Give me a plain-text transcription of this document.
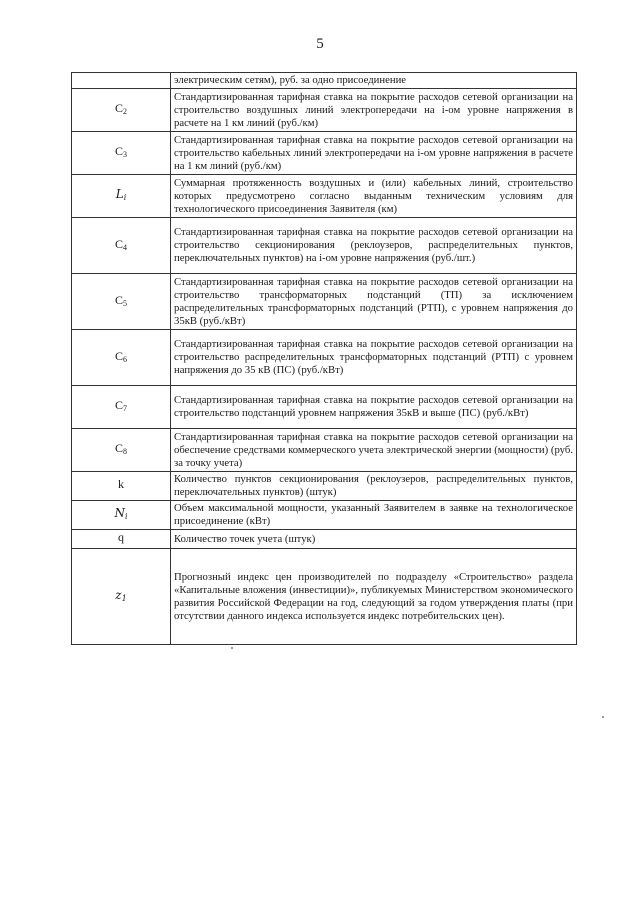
5
	электрическим сетям), руб. за одно присоединение
$C_2$	Стандартизированная тарифная ставка на покрытие расходов сетевой организации на строительство воздушных линий электропередачи на i-ом уровне напряжения в расчете на 1 км линий (руб./км)
$C_3$	Стандартизированная тарифная ставка на покрытие расходов сетевой организации на строительство кабельных линий электропередачи на i-ом уровне напряжения в расчете на 1 км линий (руб./км)
$L_i$	Суммарная протяженность воздушных и (или) кабельных линий, строительство которых предусмотрено согласно выданным техническим условиям для технологического присоединения Заявителя (км)
$C_4$	Стандартизированная тарифная ставка на покрытие расходов сетевой организации на строительство секционирования (реклоузеров, распределительных пунктов, переключательных пунктов) на i-ом уровне напряжения (руб./шт.)
$C_5$	Стандартизированная тарифная ставка на покрытие расходов сетевой организации на строительство трансформаторных подстанций (ТП) за исключением распределительных трансформаторных подстанций (РТП), с уровнем напряжения до 35кВ (руб./кВт)
$C_6$	Стандартизированная тарифная ставка на покрытие расходов сетевой организации на строительство распределительных трансформаторных подстанций (РТП) с уровнем напряжения до 35 кВ (ПС) (руб./кВт)
$C_7$	Стандартизированная тарифная ставка на покрытие расходов сетевой организации на строительство подстанций уровнем напряжения 35кВ и выше (ПС) (руб./кВт)
$C_8$	Стандартизированная тарифная ставка на покрытие расходов сетевой организации на обеспечение средствами коммерческого учета электрической энергии (мощности) (руб. за точку учета)
k	Количество пунктов секционирования (реклоузеров, распределительных пунктов, переключательных пунктов) (штук)
$N_i$	Объем максимальной мощности, указанный Заявителем в заявке на технологическое присоединение (кВт)
q	Количество точек учета (штук)
$z_1$	Прогнозный индекс цен производителей по подразделу «Строительство» раздела «Капитальные вложения (инвестиции)», публикуемых Министерством экономического развития Российской Федерации на год, следующий за годом утверждения платы (при отсутствии данного индекса используется индекс потребительских цен).
